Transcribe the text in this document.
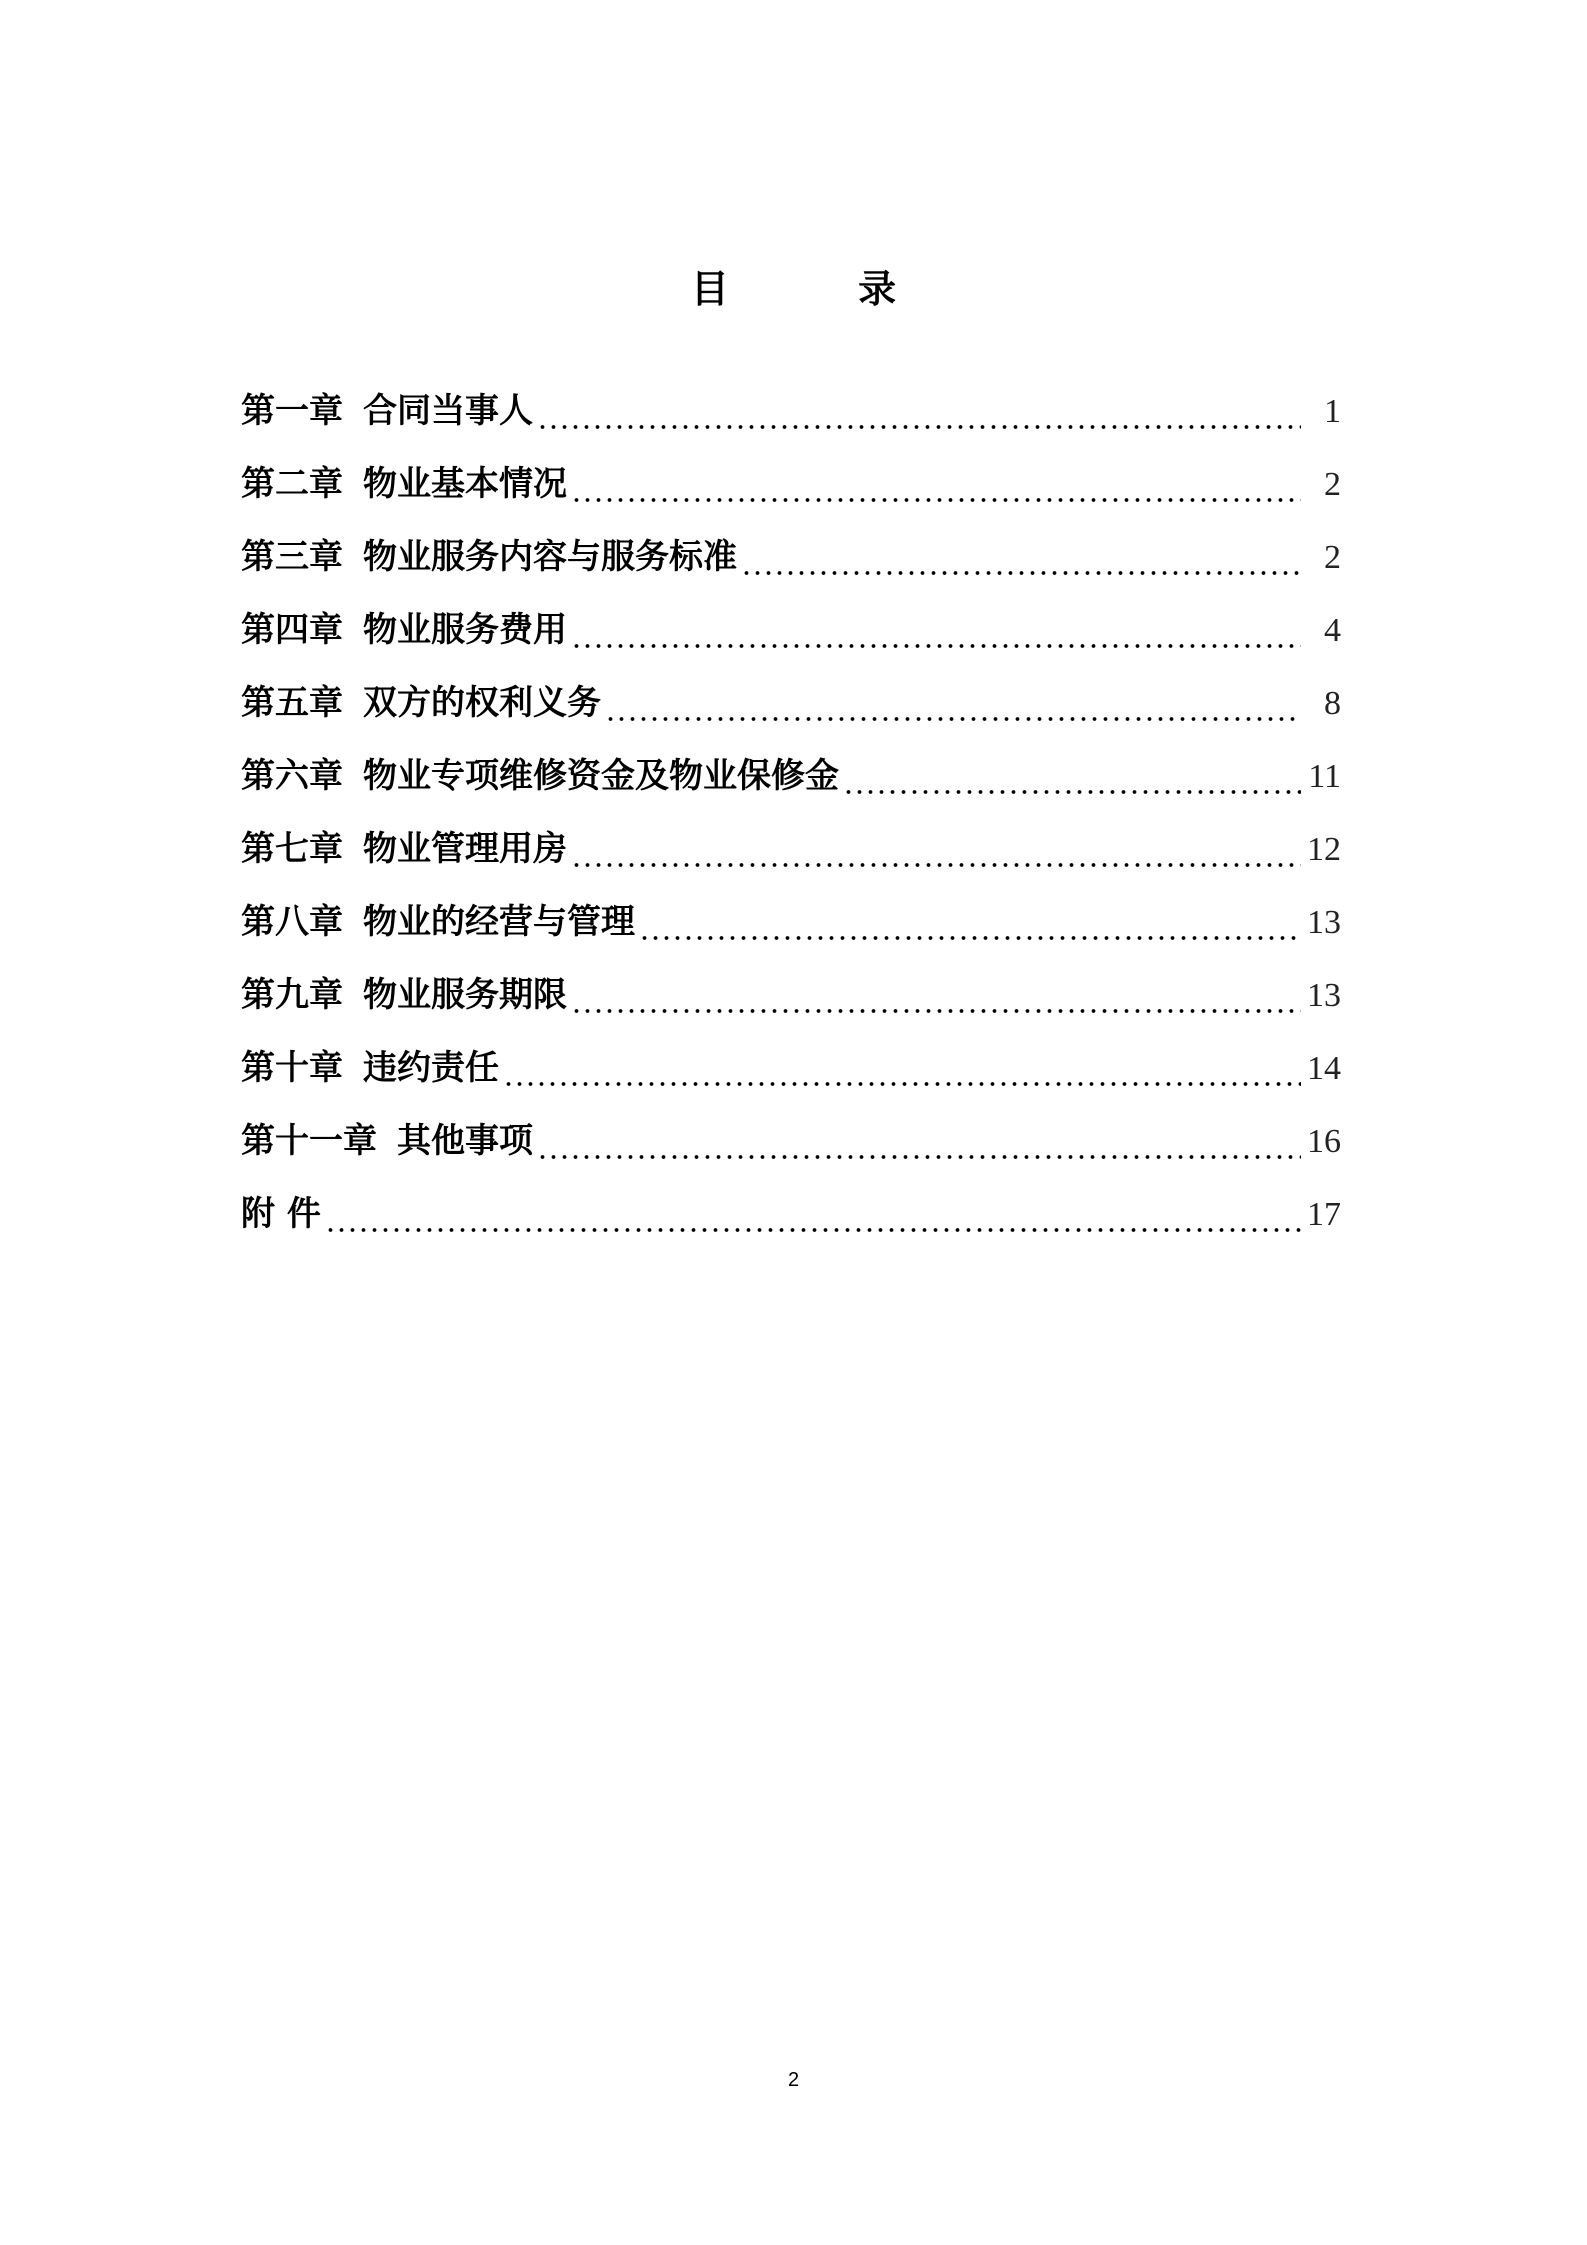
目 录
第一章 合同当事人	1
第二章 物业基本情况	2
第三章 物业服务内容与服务标准	2
第四章 物业服务费用	4
第五章 双方的权利义务	8
第六章 物业专项维修资金及物业保修金	11
第七章 物业管理用房	12
第八章 物业的经营与管理	13
第九章 物业服务期限	13
第十章 违约责任	14
第十一章 其他事项	16
附 件	17
2
